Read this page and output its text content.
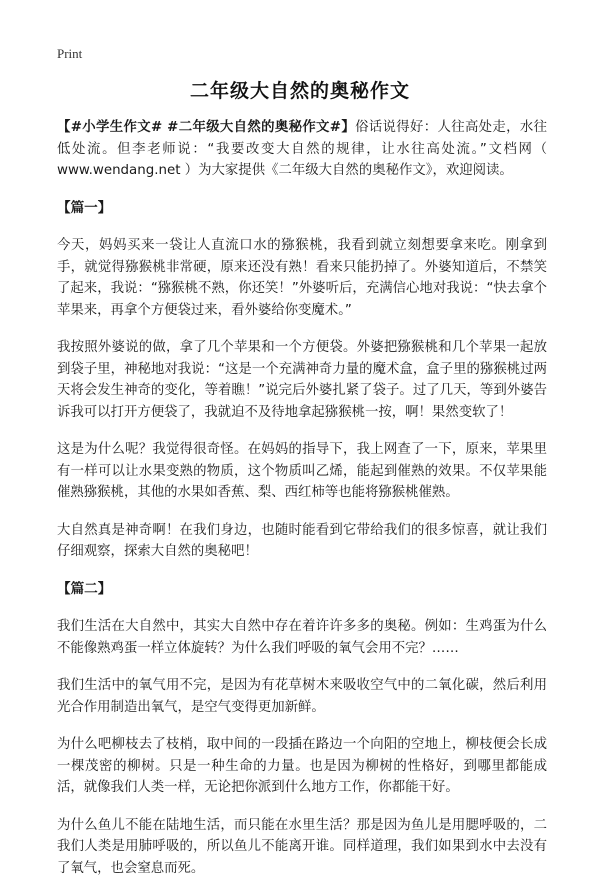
Print
二年级大自然的奥秘作文

【#小学生作文# #二年级大自然的奥秘作文#】俗话说得好：人往高处走，水往低处流。但李老师说：“我要改变大自然的规律，让水往高处流。”文档网（ www.wendang.net ）为大家提供《二年级大自然的奥秘作文》，欢迎阅读。

【篇一】

今天，妈妈买来一袋让人直流口水的猕猴桃，我看到就立刻想要拿来吃。刚拿到手，就觉得猕猴桃非常硬，原来还没有熟！看来只能扔掉了。外婆知道后，不禁笑了起来，我说：“猕猴桃不熟，你还笑！”外婆听后，充满信心地对我说：“快去拿个苹果来，再拿个方便袋过来，看外婆给你变魔术。”

我按照外婆说的做，拿了几个苹果和一个方便袋。外婆把猕猴桃和几个苹果一起放到袋子里，神秘地对我说：“这是一个充满神奇力量的魔术盒，盒子里的猕猴桃过两天将会发生神奇的变化，等着瞧！”说完后外婆扎紧了袋子。过了几天，等到外婆告诉我可以打开方便袋了，我就迫不及待地拿起猕猴桃一按，啊！果然变软了！

这是为什么呢？我觉得很奇怪。在妈妈的指导下，我上网查了一下，原来，苹果里有一样可以让水果变熟的物质，这个物质叫乙烯，能起到催熟的效果。不仅苹果能催熟猕猴桃，其他的水果如香蕉、梨、西红柿等也能将猕猴桃催熟。

大自然真是神奇啊！在我们身边，也随时能看到它带给我们的很多惊喜，就让我们仔细观察，探索大自然的奥秘吧！

【篇二】

我们生活在大自然中，其实大自然中存在着许许多多的奥秘。例如：生鸡蛋为什么不能像熟鸡蛋一样立体旋转？为什么我们呼吸的氧气会用不完？……

我们生活中的氧气用不完，是因为有花草树木来吸收空气中的二氧化碳，然后利用光合作用制造出氧气，是空气变得更加新鲜。

为什么吧柳枝去了枝梢，取中间的一段插在路边一个向阳的空地上，柳枝便会长成一棵茂密的柳树。只是一种生命的力量。也是因为柳树的性格好，到哪里都能成活，就像我们人类一样，无论把你派到什么地方工作，你都能干好。

为什么鱼儿不能在陆地生活，而只能在水里生活？那是因为鱼儿是用腮呼吸的，二我们人类是用肺呼吸的，所以鱼儿不能离开谁。同样道理，我们如果到水中去没有了氧气，也会窒息而死。
